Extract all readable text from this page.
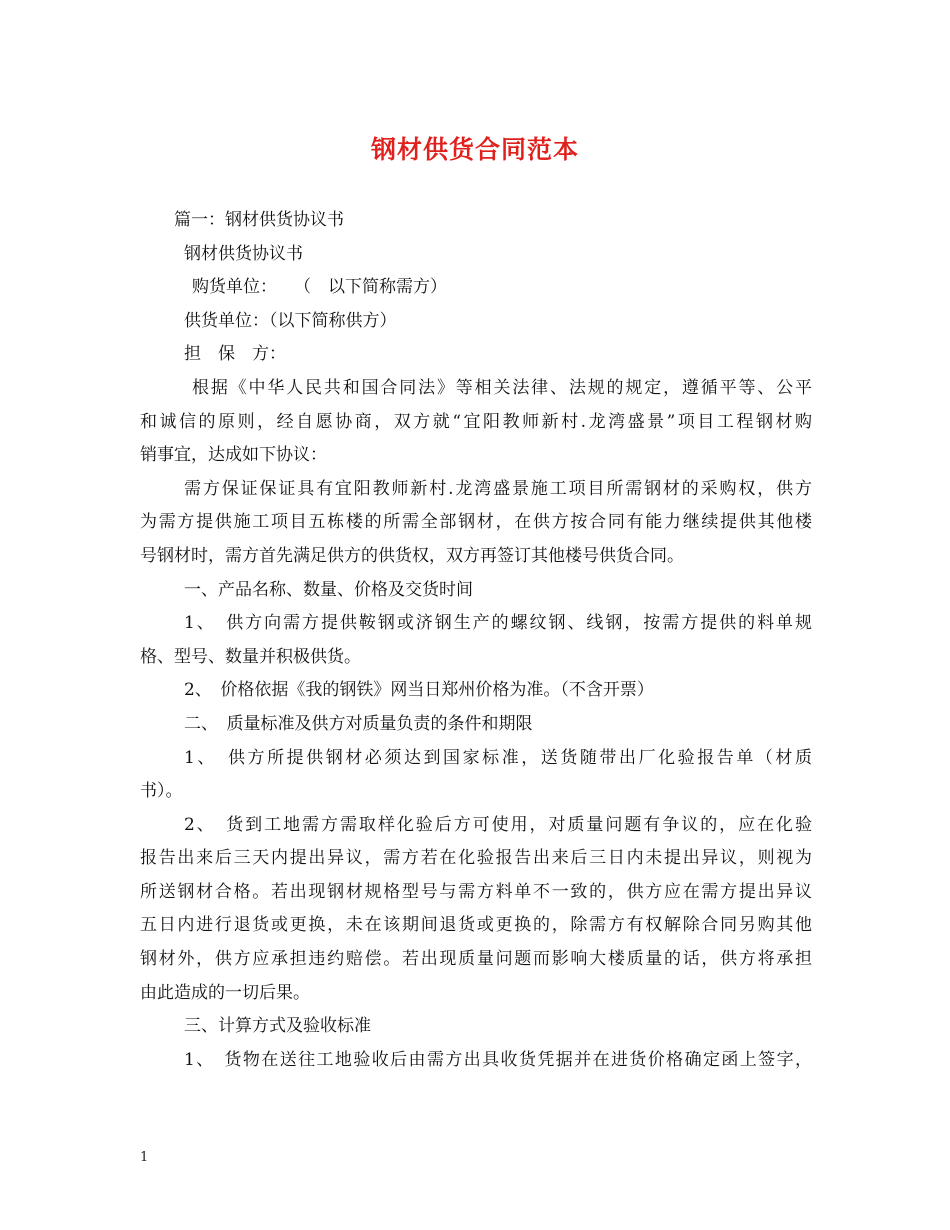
钢材供货合同范本
篇一：钢材供货协议书
钢材供货协议书
购货单位：　　（　以下简称需方）
供货单位：（以下简称供方）
担　保　方：
根据《中华人民共和国合同法》等相关法律、法规的规定，遵循平等、公平
和诚信的原则，经自愿协商，双方就“宜阳教师新村.龙湾盛景”项目工程钢材购
销事宜，达成如下协议：
需方保证保证具有宜阳教师新村.龙湾盛景施工项目所需钢材的采购权，供方
为需方提供施工项目五栋楼的所需全部钢材，在供方按合同有能力继续提供其他楼
号钢材时，需方首先满足供方的供货权，双方再签订其他楼号供货合同。
一、产品名称、数量、价格及交货时间
1、　供方向需方提供鞍钢或济钢生产的螺纹钢、线钢，按需方提供的料单规
格、型号、数量并积极供货。
2、　价格依据《我的钢铁》网当日郑州价格为准。（不含开票）
二、　质量标准及供方对质量负责的条件和期限
1、　供方所提供钢材必须达到国家标准，送货随带出厂化验报告单（材质
书）。
2、　货到工地需方需取样化验后方可使用，对质量问题有争议的，应在化验
报告出来后三天内提出异议，需方若在化验报告出来后三日内未提出异议，则视为
所送钢材合格。若出现钢材规格型号与需方料单不一致的，供方应在需方提出异议
五日内进行退货或更换，未在该期间退货或更换的，除需方有权解除合同另购其他
钢材外，供方应承担违约赔偿。若出现质量问题而影响大楼质量的话，供方将承担
由此造成的一切后果。
三、计算方式及验收标准
1、　货物在送往工地验收后由需方出具收货凭据并在进货价格确定函上签字，
1
